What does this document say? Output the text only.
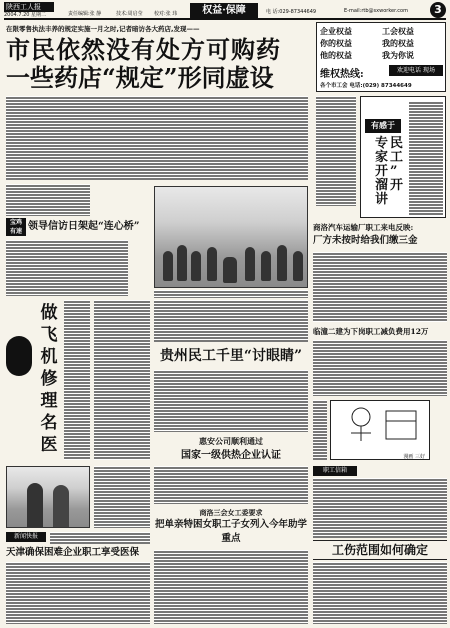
陕西工人报
2004.7.20 星期二	责任编辑:张 静	技术:周启莹 校对:张 玮	权益·保障	电 话:029-87344649	E-mail:rtb@sxworker.com	3
在限零售执法丰养的规定实施一月之时,记者暗访各大药店,发现——
市民依然没有处方可购药
一些药店“规定”形同虚设
企业权益	工会权益
你的权益	我的权益
他的权益	我为你说
维权热线:	欢迎电话 现场
各个市工会 电话:(029) 87344649
有感于
专 民
家 工
开 ”
溜 开
讲
宝鸡
有速 领导信访日架起“连心桥”	商洛汽车运输厂职工来电反映:
厂方未按时给我们缴三金
做
飞
机
修
理
名
医
贵州民工千里“讨眼睛”
临潼二建为下岗职工减负费用12万
漫画 三好
惠安公司顺利通过
国家一级供热企业认证
商洛三会女工委要求
把单亲特困女职工子女列入今年助学重点
职工信箱
工伤范围如何确定
新闻快报
天津确保困难企业职工享受医保
